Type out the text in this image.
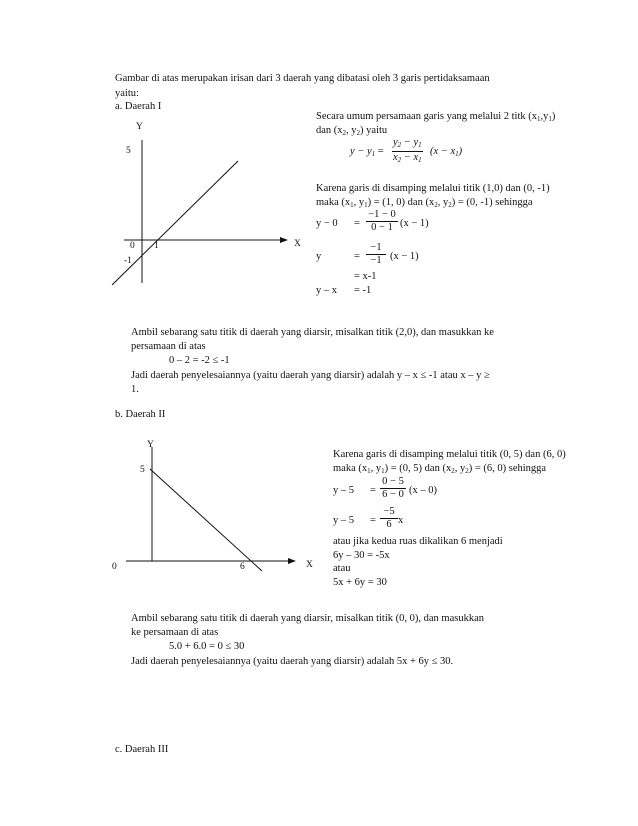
Gambar di atas merupakan irisan dari 3 daerah yang dibatasi oleh 3 garis pertidaksamaan
yaitu:
a. Daerah I
Y
X
5
0 1
-1
Secara umum persamaan garis yang melalui 2 titk $(x_1,y_1)$
dan ($x_2$, $y_2$) yaitu
$y - y_1$ =
$y_2 - y_1$
$x_2 - x_1$
$(x - x_1)$
Karena garis di disamping melalui titik (1,0) dan (0, -1)
maka ($x_1$, $y_1) = (1$, 0) dan ($x_2$, $y_2) = (0$, -1) sehingga
y − 0 =
−1 − 0
0 − 1 (x − 1)
y	=
−1
−1 (x − 1)
= x-1
y – x = -1
Ambil sebarang satu titik di daerah yang diarsir, misalkan titik (2,0), dan masukkan ke
persamaan di atas
0 – 2 = -2 ≤ -1
Jadi daerah penyelesaiannya (yaitu daerah yang diarsir) adalah y – x ≤ -1 atau x – y ≥
1.
b. Daerah II
Y
X
5
0	6
Karena garis di disamping melalui titik (0, 5) dan (6, 0)
maka ($x_1$, $y_1) = (0$, 5) dan ($x_2$, $y_2) = (6$, 0) sehingga
y – 5 =
0 − 5
6 − 0 (x – 0)
y – 5 =
−5
6 x
atau jika kedua ruas dikalikan 6 menjadi
6y – 30 = -5x
atau
5x + 6y = 30
Ambil sebarang satu titik di daerah yang diarsir, misalkan titik (0, 0), dan masukkan
ke persamaan di atas
5.0 + 6.0 = 0 ≤ 30
Jadi daerah penyelesaiannya (yaitu daerah yang diarsir) adalah 5x + 6y ≤ 30.
c. Daerah III
